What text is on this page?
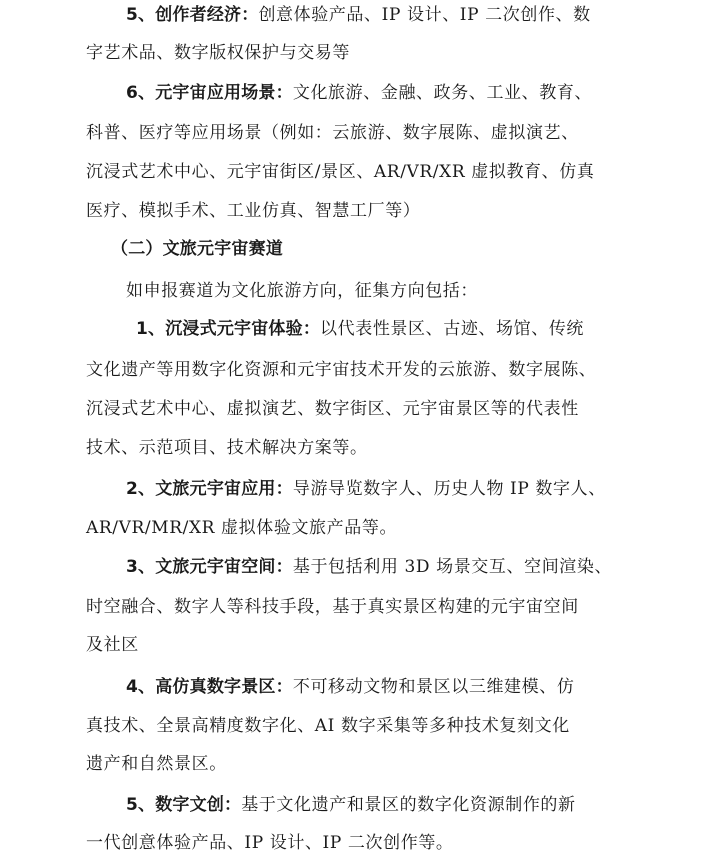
5、创作者经济：创意体验产品、IP 设计、IP 二次创作、数
字艺术品、数字版权保护与交易等
6、元宇宙应用场景：文化旅游、金融、政务、工业、教育、
科普、医疗等应用场景（例如：云旅游、数字展陈、虚拟演艺、
沉浸式艺术中心、元宇宙街区/景区、AR/VR/XR 虚拟教育、仿真
医疗、模拟手术、工业仿真、智慧工厂等）
（二）文旅元宇宙赛道
如申报赛道为文化旅游方向，征集方向包括：
1、沉浸式元宇宙体验：以代表性景区、古迹、场馆、传统
文化遗产等用数字化资源和元宇宙技术开发的云旅游、数字展陈、
沉浸式艺术中心、虚拟演艺、数字街区、元宇宙景区等的代表性
技术、示范项目、技术解决方案等。
2、文旅元宇宙应用：导游导览数字人、历史人物 IP 数字人、
AR/VR/MR/XR 虚拟体验文旅产品等。
3、文旅元宇宙空间：基于包括利用 3D 场景交互、空间渲染、
时空融合、数字人等科技手段，基于真实景区构建的元宇宙空间
及社区
4、高仿真数字景区：不可移动文物和景区以三维建模、仿
真技术、全景高精度数字化、AI 数字采集等多种技术复刻文化
遗产和自然景区。
5、数字文创：基于文化遗产和景区的数字化资源制作的新
一代创意体验产品、IP 设计、IP 二次创作等。
